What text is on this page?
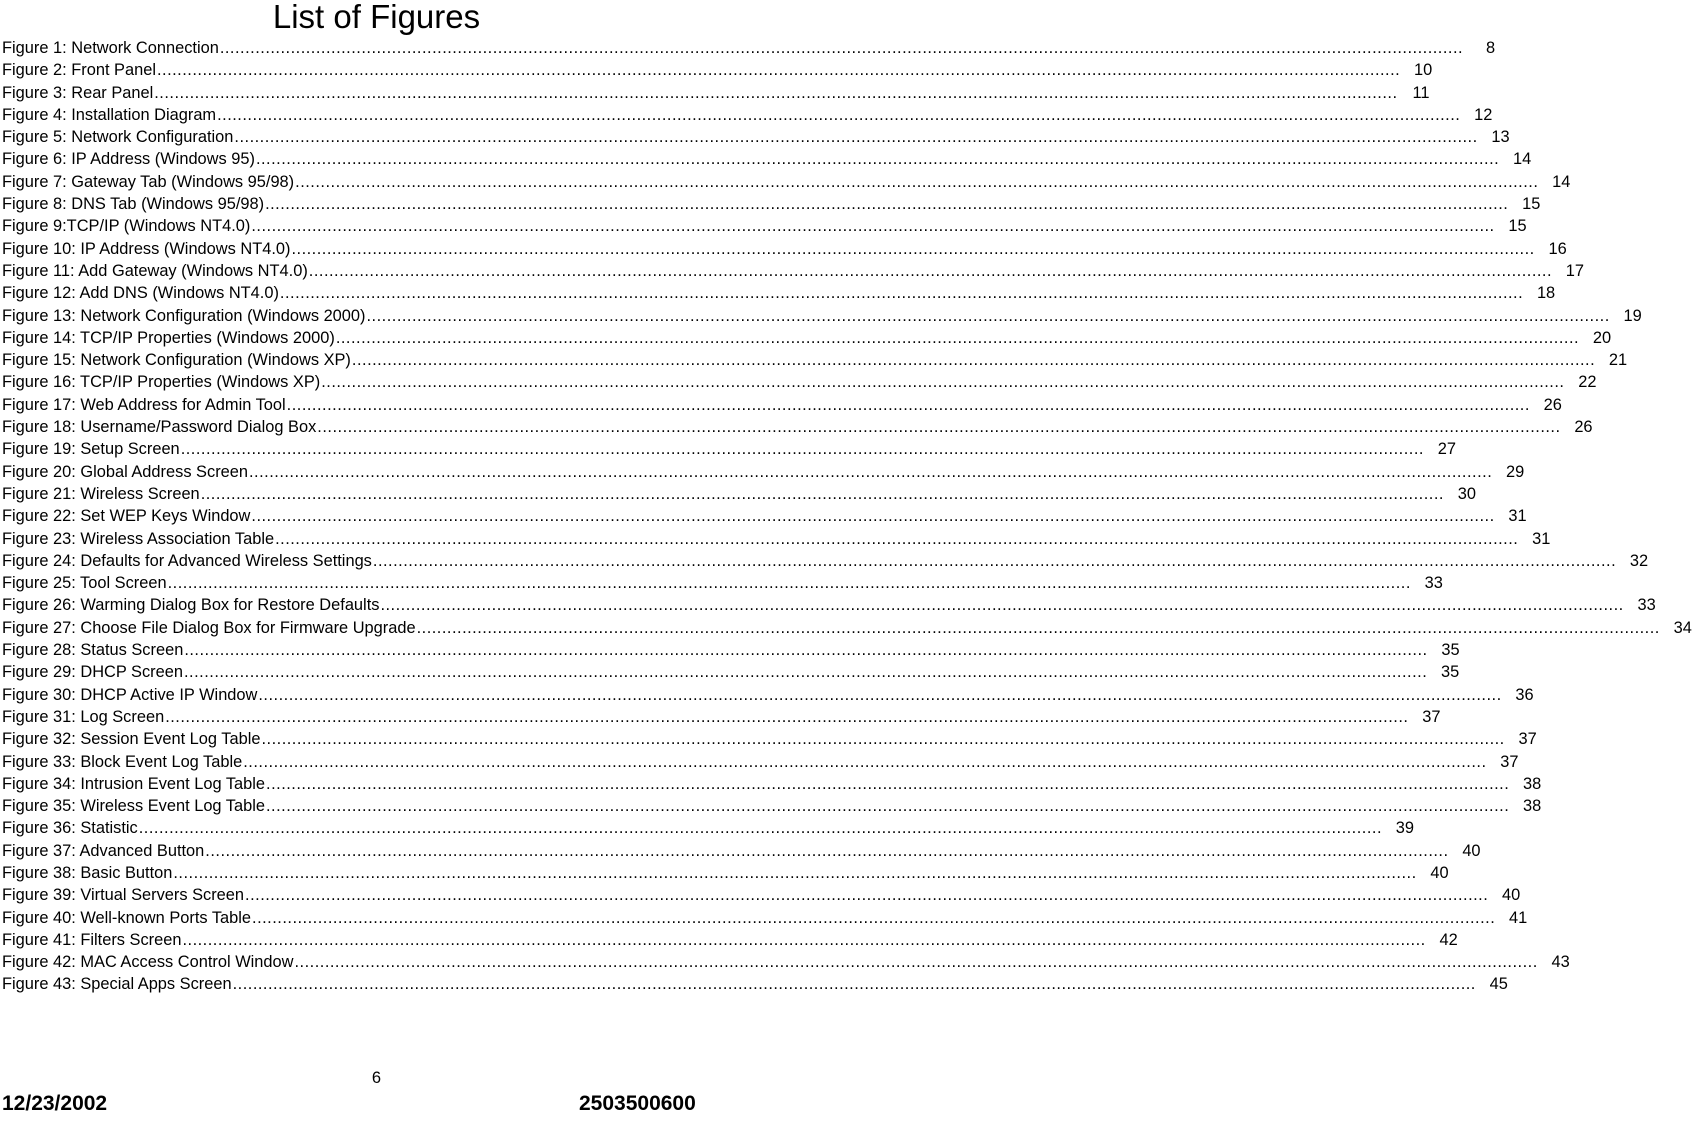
List of Figures
Figure 1: Network Connection .....	8
Figure 2: Front Panel .....	10
Figure 3: Rear Panel .....	11
Figure 4: Installation Diagram .....	12
Figure 5: Network Configuration .....	13
Figure 6: IP Address (Windows 95) .....	14
Figure 7: Gateway Tab (Windows 95/98) .....	14
Figure 8: DNS Tab (Windows 95/98) .....	15
Figure 9:TCP/IP (Windows NT4.0) .....	15
Figure 10: IP Address (Windows NT4.0) .....	16
Figure 11: Add Gateway (Windows NT4.0) .....	17
Figure 12: Add DNS (Windows NT4.0) .....	18
Figure 13: Network Configuration (Windows 2000) .....	19
Figure 14: TCP/IP Properties (Windows 2000) .....	20
Figure 15: Network Configuration (Windows XP) .....	21
Figure 16: TCP/IP Properties (Windows XP) .....	22
Figure 17: Web Address for Admin Tool .....	26
Figure 18: Username/Password Dialog Box .....	26
Figure 19: Setup Screen .....	27
Figure 20: Global Address Screen .....	29
Figure 21: Wireless Screen .....	30
Figure 22: Set WEP Keys Window .....	31
Figure 23: Wireless Association Table .....	31
Figure 24: Defaults for Advanced Wireless Settings .....	32
Figure 25: Tool Screen .....	33
Figure 26: Warming Dialog Box for Restore Defaults .....	33
Figure 27: Choose File Dialog Box for Firmware Upgrade .....	34
Figure 28: Status Screen .....	35
Figure 29: DHCP Screen .....	35
Figure 30: DHCP Active IP Window .....	36
Figure 31: Log Screen .....	37
Figure 32: Session Event Log Table .....	37
Figure 33: Block Event Log Table .....	37
Figure 34: Intrusion Event Log Table .....	38
Figure 35: Wireless Event Log Table .....	38
Figure 36: Statistic .....	39
Figure 37: Advanced Button .....	40
Figure 38: Basic Button .....	40
Figure 39: Virtual Servers Screen .....	40
Figure 40: Well-known Ports Table .....	41
Figure 41: Filters Screen .....	42
Figure 42: MAC Access Control Window .....	43
Figure 43: Special Apps Screen .....	45
6
12/23/2002	2503500600
